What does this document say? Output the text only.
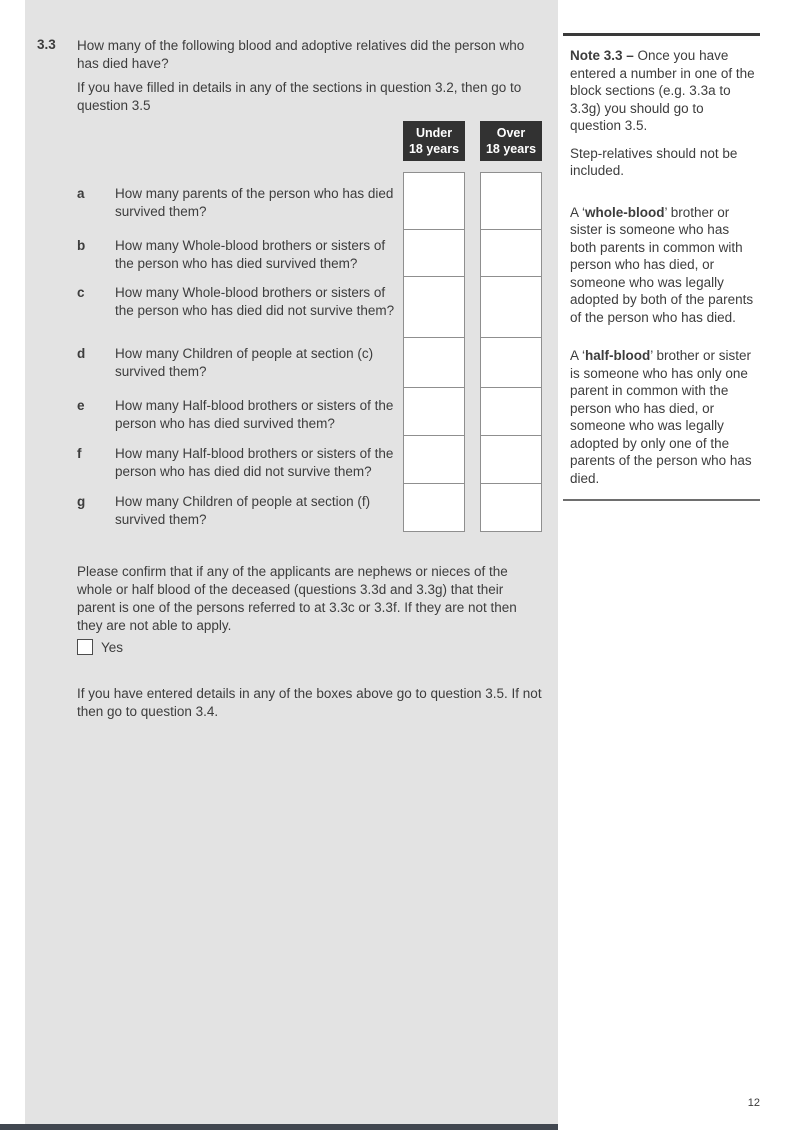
3.3 How many of the following blood and adoptive relatives did the person who has died have?
If you have filled in details in any of the sections in question 3.2, then go to question 3.5
Under
18 years
Over
18 years
a How many parents of the person who has died survived them?
b How many Whole-blood brothers or sisters of the person who has died survived them?
c How many Whole-blood brothers or sisters of the person who has died did not survive them?
d How many Children of people at section (c) survived them?
e How many Half-blood brothers or sisters of the person who has died survived them?
f How many Half-blood brothers or sisters of the person who has died did not survive them?
g How many Children of people at section (f) survived them?
Please confirm that if any of the applicants are nephews or nieces of the whole or half blood of the deceased (questions 3.3d and 3.3g) that their parent is one of the persons referred to at 3.3c or 3.3f. If they are not then they are not able to apply.
Yes
If you have entered details in any of the boxes above go to question 3.5. If not then go to question 3.4.
Note 3.3 – Once you have entered a number in one of the block sections (e.g. 3.3a to 3.3g) you should go to question 3.5.
Step-relatives should not be included.
A ‘whole-blood’ brother or sister is someone who has both parents in common with person who has died, or someone who was legally adopted by both of the parents of the person who has died.
A ‘half-blood’ brother or sister is someone who has only one parent in common with the person who has died, or someone who was legally adopted by only one of the parents of the person who has died.
12
